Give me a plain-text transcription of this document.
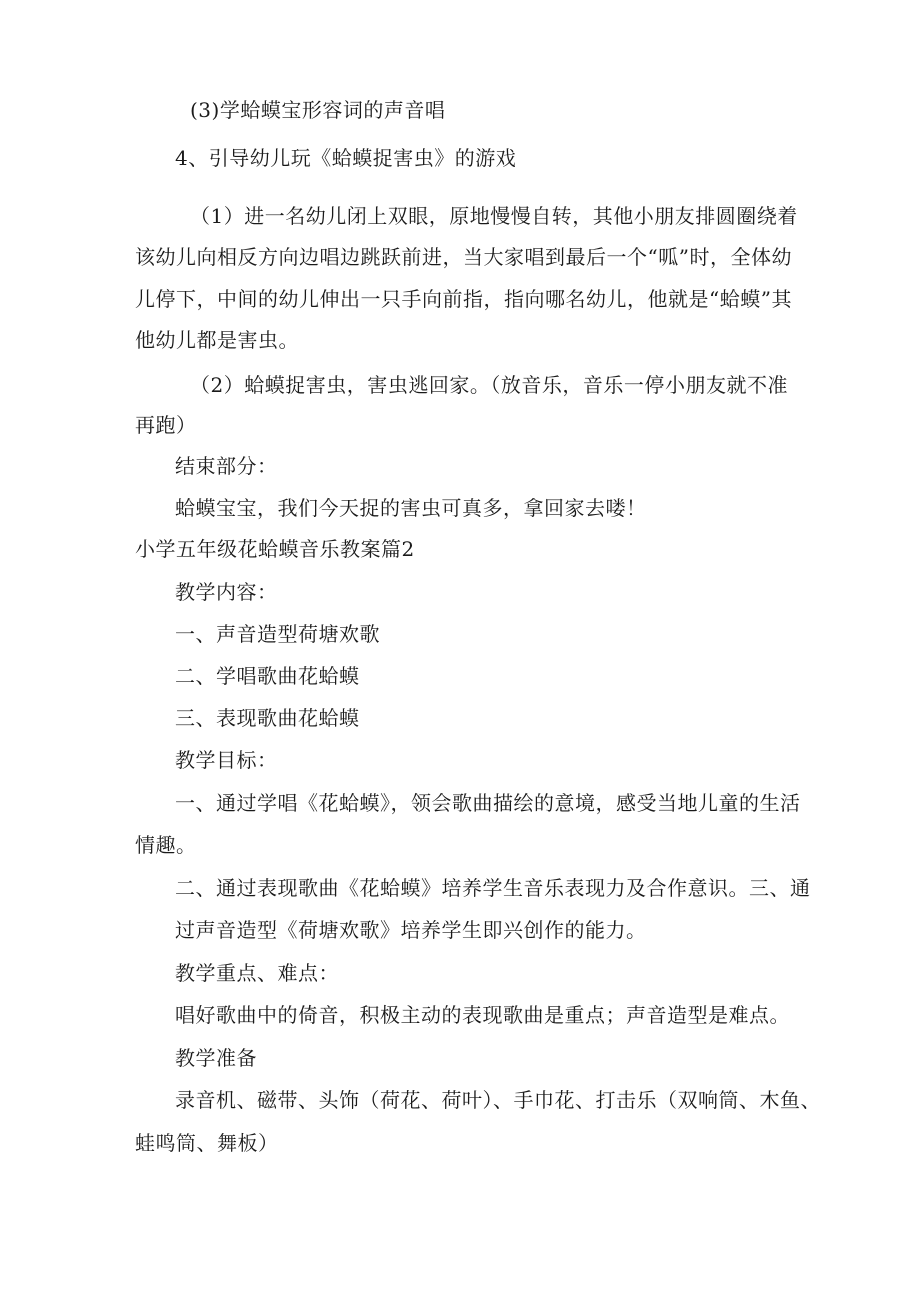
(3)学蛤蟆宝形容词的声音唱
4、引导幼儿玩《蛤蟆捉害虫》的游戏
（1）进一名幼儿闭上双眼，原地慢慢自转，其他小朋友排圆圈绕着
该幼儿向相反方向边唱边跳跃前进，当大家唱到最后一个“呱”时，全体幼
儿停下，中间的幼儿伸出一只手向前指，指向哪名幼儿，他就是“蛤蟆”其
他幼儿都是害虫。
（2）蛤蟆捉害虫，害虫逃回家。（放音乐，音乐一停小朋友就不准
再跑）
结束部分：
蛤蟆宝宝，我们今天捉的害虫可真多，拿回家去喽！
小学五年级花蛤蟆音乐教案篇2
教学内容：
一、声音造型荷塘欢歌
二、学唱歌曲花蛤蟆
三、表现歌曲花蛤蟆
教学目标：
一、通过学唱《花蛤蟆》，领会歌曲描绘的意境，感受当地儿童的生活
情趣。
二、通过表现歌曲《花蛤蟆》培养学生音乐表现力及合作意识。三、通
过声音造型《荷塘欢歌》培养学生即兴创作的能力。
教学重点、难点：
唱好歌曲中的倚音，积极主动的表现歌曲是重点；声音造型是难点。
教学准备
录音机、磁带、头饰（荷花、荷叶）、手巾花、打击乐（双响筒、木鱼、
蛙鸣筒、舞板）
